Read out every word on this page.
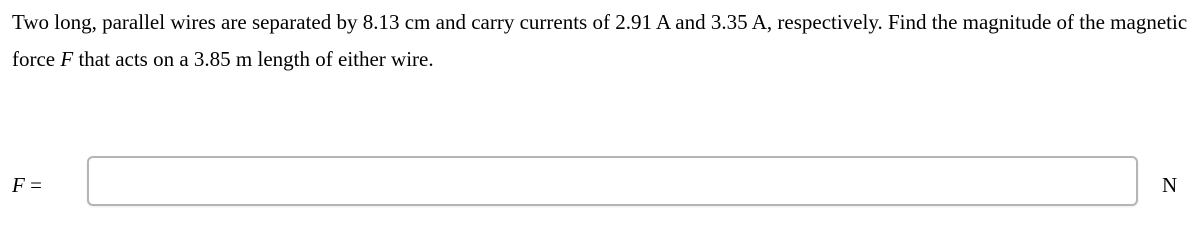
Two long, parallel wires are separated by 8.13 cm and carry currents of 2.91 A and 3.35 A, respectively. Find the magnitude of the magnetic force F that acts on a 3.85 m length of either wire.
F =	N
